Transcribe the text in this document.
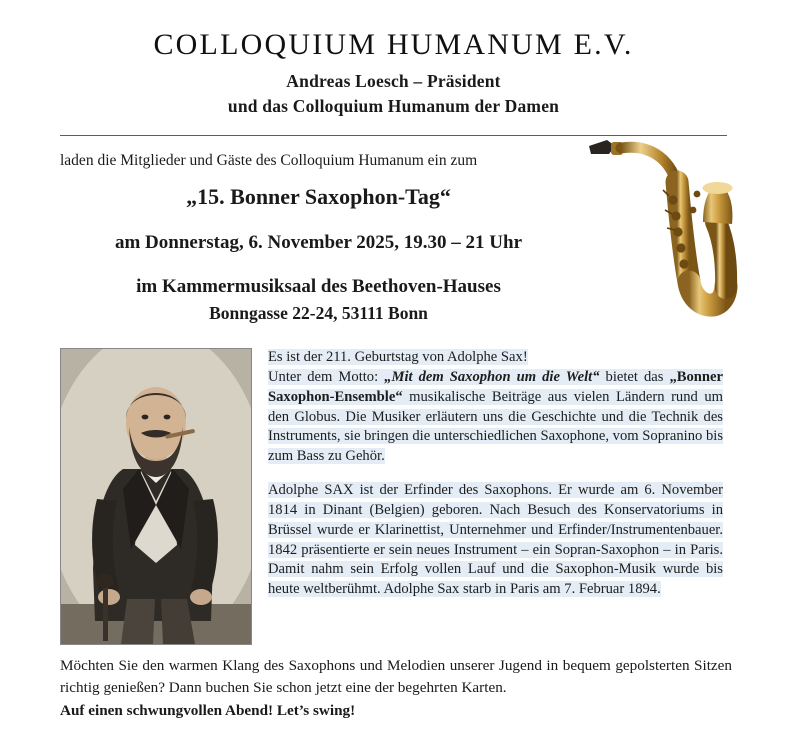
COLLOQUIUM HUMANUM E.V.
Andreas Loesch – Präsident
und das Colloquium Humanum der Damen
laden die Mitglieder und Gäste des Colloquium Humanum ein zum
„15. Bonner Saxophon-Tag“
am Donnerstag, 6. November 2025, 19.30 – 21 Uhr
im Kammermusiksaal des Beethoven-Hauses
Bonngasse 22-24, 53111 Bonn

Es ist der 211. Geburtstag von Adolphe Sax!
Unter dem Motto: „Mit dem Saxophon um die Welt“ bietet das „Bonner Saxophon-Ensemble“ musikalische Beiträge aus vielen Ländern rund um den Globus. Die Musiker erläutern uns die Geschichte und die Technik des Instruments, sie bringen die unterschiedlichen Saxophone, vom Sopranino bis zum Bass zu Gehör.

Adolphe SAX ist der Erfinder des Saxophons. Er wurde am 6. November 1814 in Dinant (Belgien) geboren. Nach Besuch des Konservatoriums in Brüssel wurde er Klarinettist, Unternehmer und Erfinder/Instrumentenbauer. 1842 präsentierte er sein neues Instrument – ein Sopran-Saxophon – in Paris. Damit nahm sein Erfolg vollen Lauf und die Saxophon-Musik wurde bis heute weltberühmt. Adolphe Sax starb in Paris am 7. Februar 1894.

Möchten Sie den warmen Klang des Saxophons und Melodien unserer Jugend in bequem gepolsterten Sitzen richtig genießen? Dann buchen Sie schon jetzt eine der begehrten Karten.
Auf einen schwungvollen Abend! Let’s swing!
